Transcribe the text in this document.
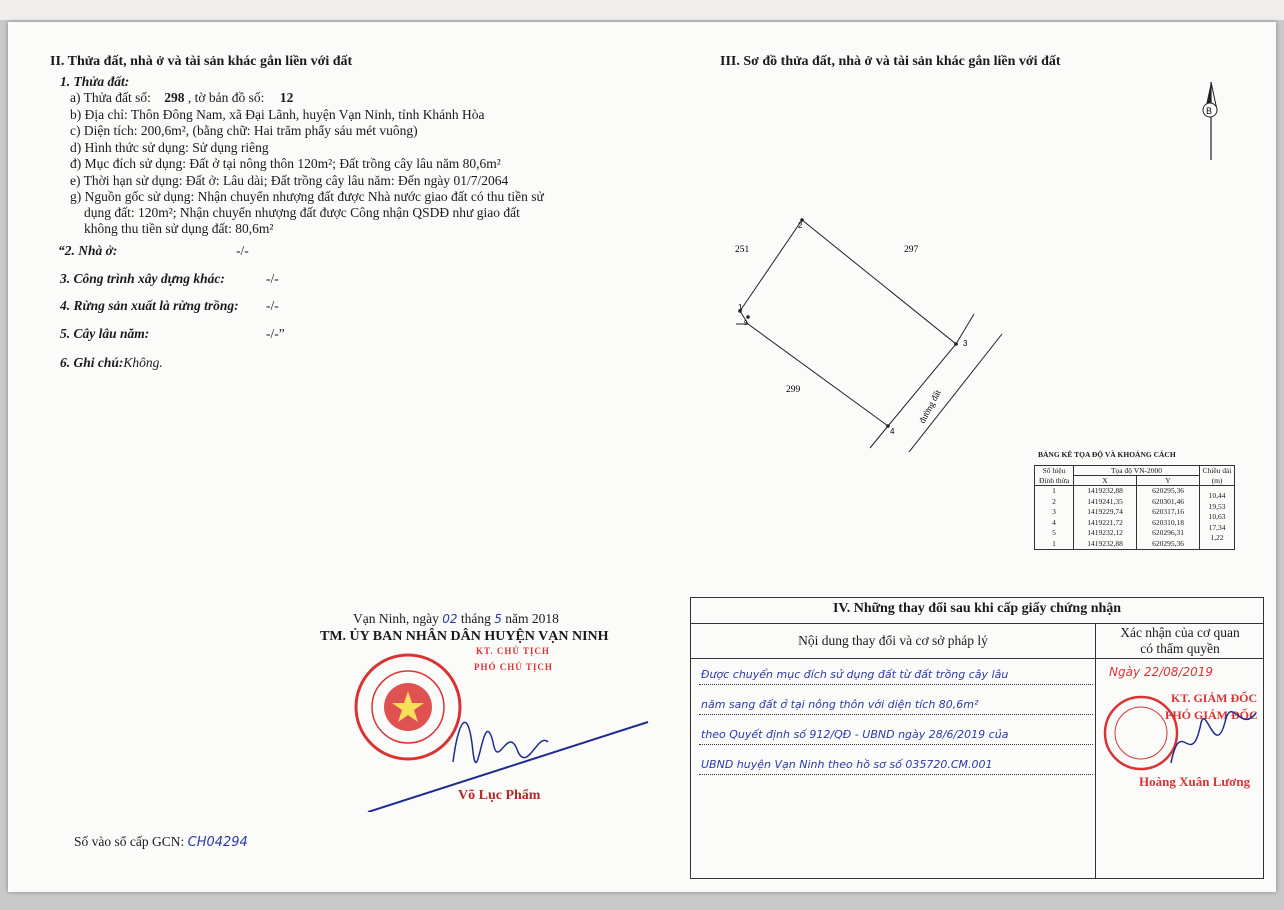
II. Thửa đất, nhà ở và tài sản khác gắn liền với đất
1. Thửa đất:
a) Thửa đất số: 298 , tờ bản đồ số: 12
b) Địa chỉ: Thôn Đông Nam, xã Đại Lãnh, huyện Vạn Ninh, tỉnh Khánh Hòa
c) Diện tích: 200,6m², (bằng chữ: Hai trăm phẩy sáu mét vuông)
d) Hình thức sử dụng: Sử dụng riêng
đ) Mục đích sử dụng: Đất ở tại nông thôn 120m²; Đất trồng cây lâu năm 80,6m²
e) Thời hạn sử dụng: Đất ở: Lâu dài; Đất trồng cây lâu năm: Đến ngày 01/7/2064
g) Nguồn gốc sử dụng: Nhận chuyển nhượng đất được Nhà nước giao đất có thu tiền sử
dụng đất: 120m²; Nhận chuyển nhượng đất được Công nhận QSDĐ như giao đất
không thu tiền sử dụng đất: 80,6m²
“2. Nhà ở:	-/-
3. Công trình xây dựng khác:	-/-
4. Rừng sản xuất là rừng trồng: -/-
5. Cây lâu năm:	-/-”
6. Ghi chú:Không.
III. Sơ đồ thửa đất, nhà ở và tài sản khác gắn liền với đất
B
1
2
3
4
5
251	297
299	đường đất
BẢNG KÊ TỌA ĐỘ VÀ KHOẢNG CÁCH
Số hiệu	Tọa độ VN-2000		Chiều dài
Đỉnh thửa	X	Y	(m)
1	1419232,88	620295,36	10,44
2	1419241,35	620301,46	19,53
3	1419229,74	620317,16	10,63
4	1419221,72	620310,18	17,34
5	1419232,12	620296,31	1,22
1	1419232,88	620295,36	
Vạn Ninh, ngày 02 tháng 5 năm 2018
TM. ỦY BAN NHÂN DÂN HUYỆN VẠN NINH
KT. CHỦ TỊCH
PHÓ CHỦ TỊCH
Võ Lục Phẩm
Số vào sổ cấp GCN: CH04294
IV. Những thay đổi sau khi cấp giấy chứng nhận
Nội dung thay đổi và cơ sở pháp lý
Xác nhận của cơ quan
có thẩm quyền
Được chuyển mục đích sử dụng đất từ đất trồng cây lâu
năm sang đất ở tại nông thôn với diện tích 80,6m²
theo Quyết định số 912/QĐ - UBND ngày 28/6/2019 của
UBND huyện Vạn Ninh theo hồ sơ số 035720.CM.001
Ngày 22/08/2019
KT. GIÁM ĐỐC
PHÓ GIÁM ĐỐC
Hoàng Xuân Lương
